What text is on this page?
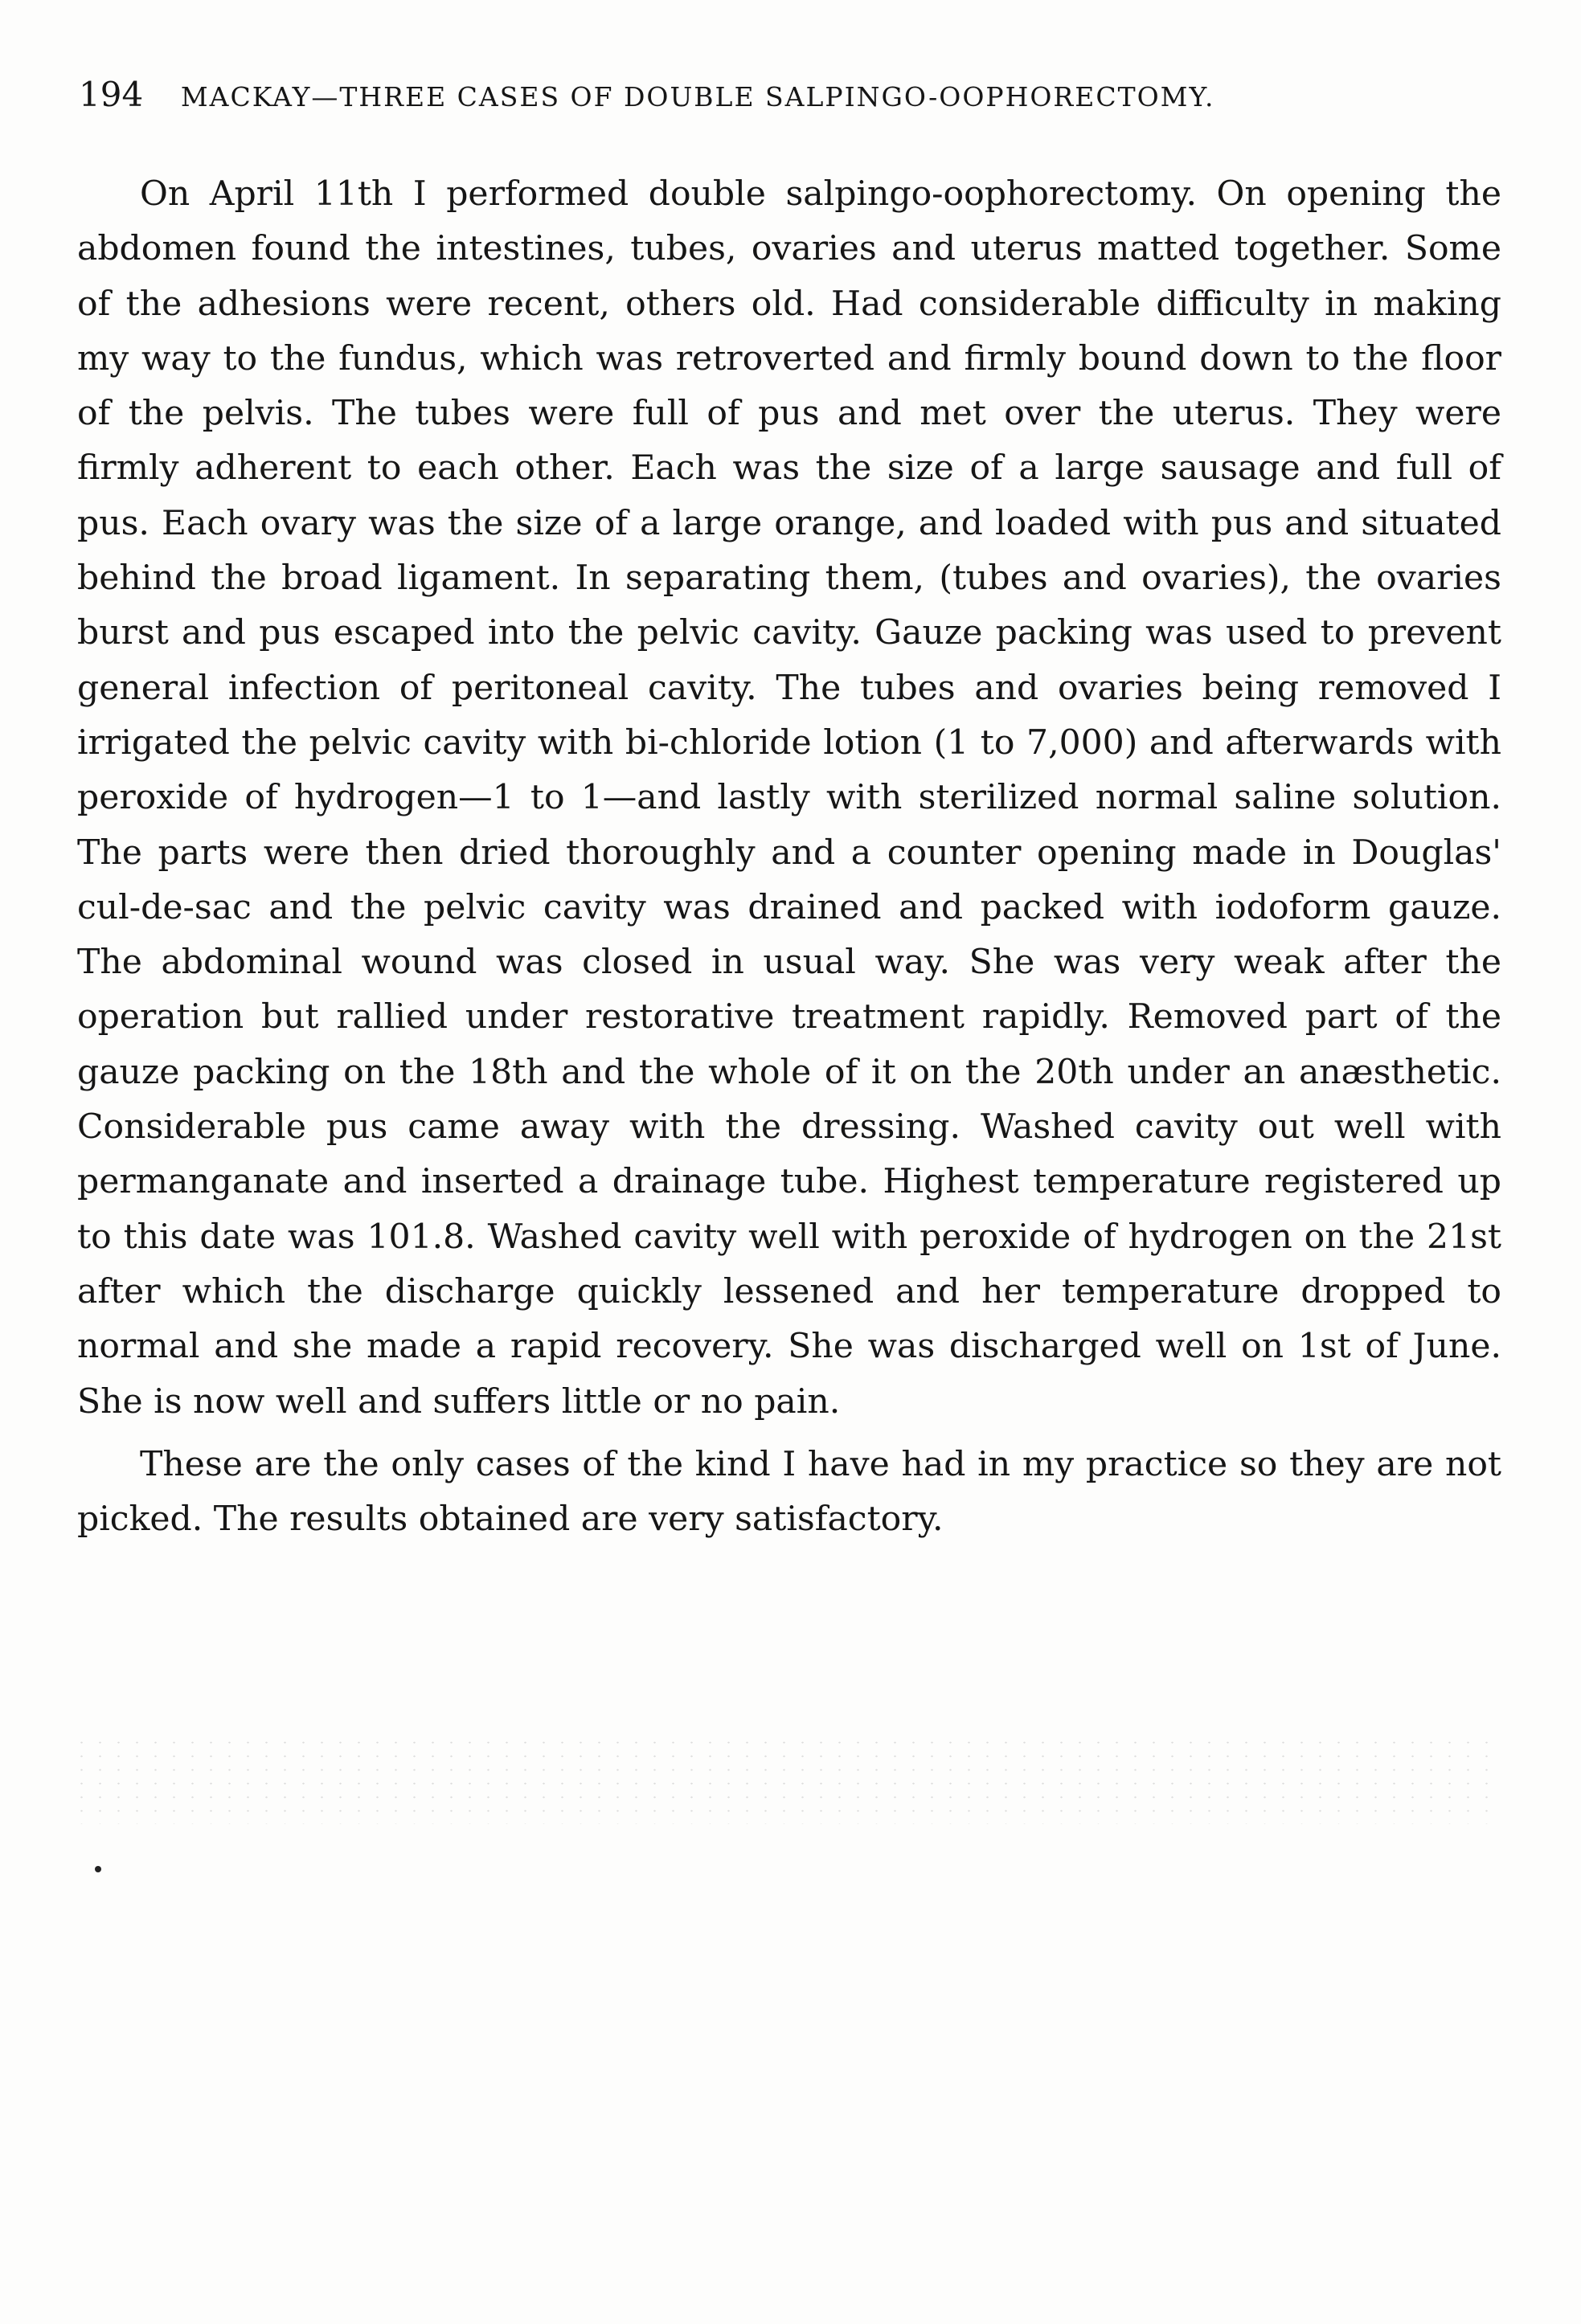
194 MACKAY—THREE CASES OF DOUBLE SALPINGO-OOPHORECTOMY.

On April 11th I performed double salpingo-oophorectomy. On opening the abdomen found the intestines, tubes, ovaries and uterus matted together. Some of the adhesions were recent, others old. Had considerable difficulty in making my way to the fundus, which was retroverted and firmly bound down to the floor of the pelvis. The tubes were full of pus and met over the uterus. They were firmly adherent to each other. Each was the size of a large sausage and full of pus. Each ovary was the size of a large orange, and loaded with pus and situated behind the broad ligament. In separating them, (tubes and ovaries), the ovaries burst and pus escaped into the pelvic cavity. Gauze packing was used to prevent general infection of peritoneal cavity. The tubes and ovaries being removed I irrigated the pelvic cavity with bi-chloride lotion (1 to 7,000) and afterwards with peroxide of hydrogen—1 to 1—and lastly with sterilized normal saline solution. The parts were then dried thoroughly and a counter opening made in Douglas' cul-de-sac and the pelvic cavity was drained and packed with iodoform gauze. The abdominal wound was closed in usual way. She was very weak after the operation but rallied under restorative treatment rapidly. Removed part of the gauze packing on the 18th and the whole of it on the 20th under an anæsthetic. Considerable pus came away with the dressing. Washed cavity out well with permanganate and inserted a drainage tube. Highest temperature registered up to this date was 101.8. Washed cavity well with peroxide of hydrogen on the 21st after which the discharge quickly lessened and her temperature dropped to normal and she made a rapid recovery. She was discharged well on 1st of June. She is now well and suffers little or no pain.

These are the only cases of the kind I have had in my practice so they are not picked. The results obtained are very satisfactory.
